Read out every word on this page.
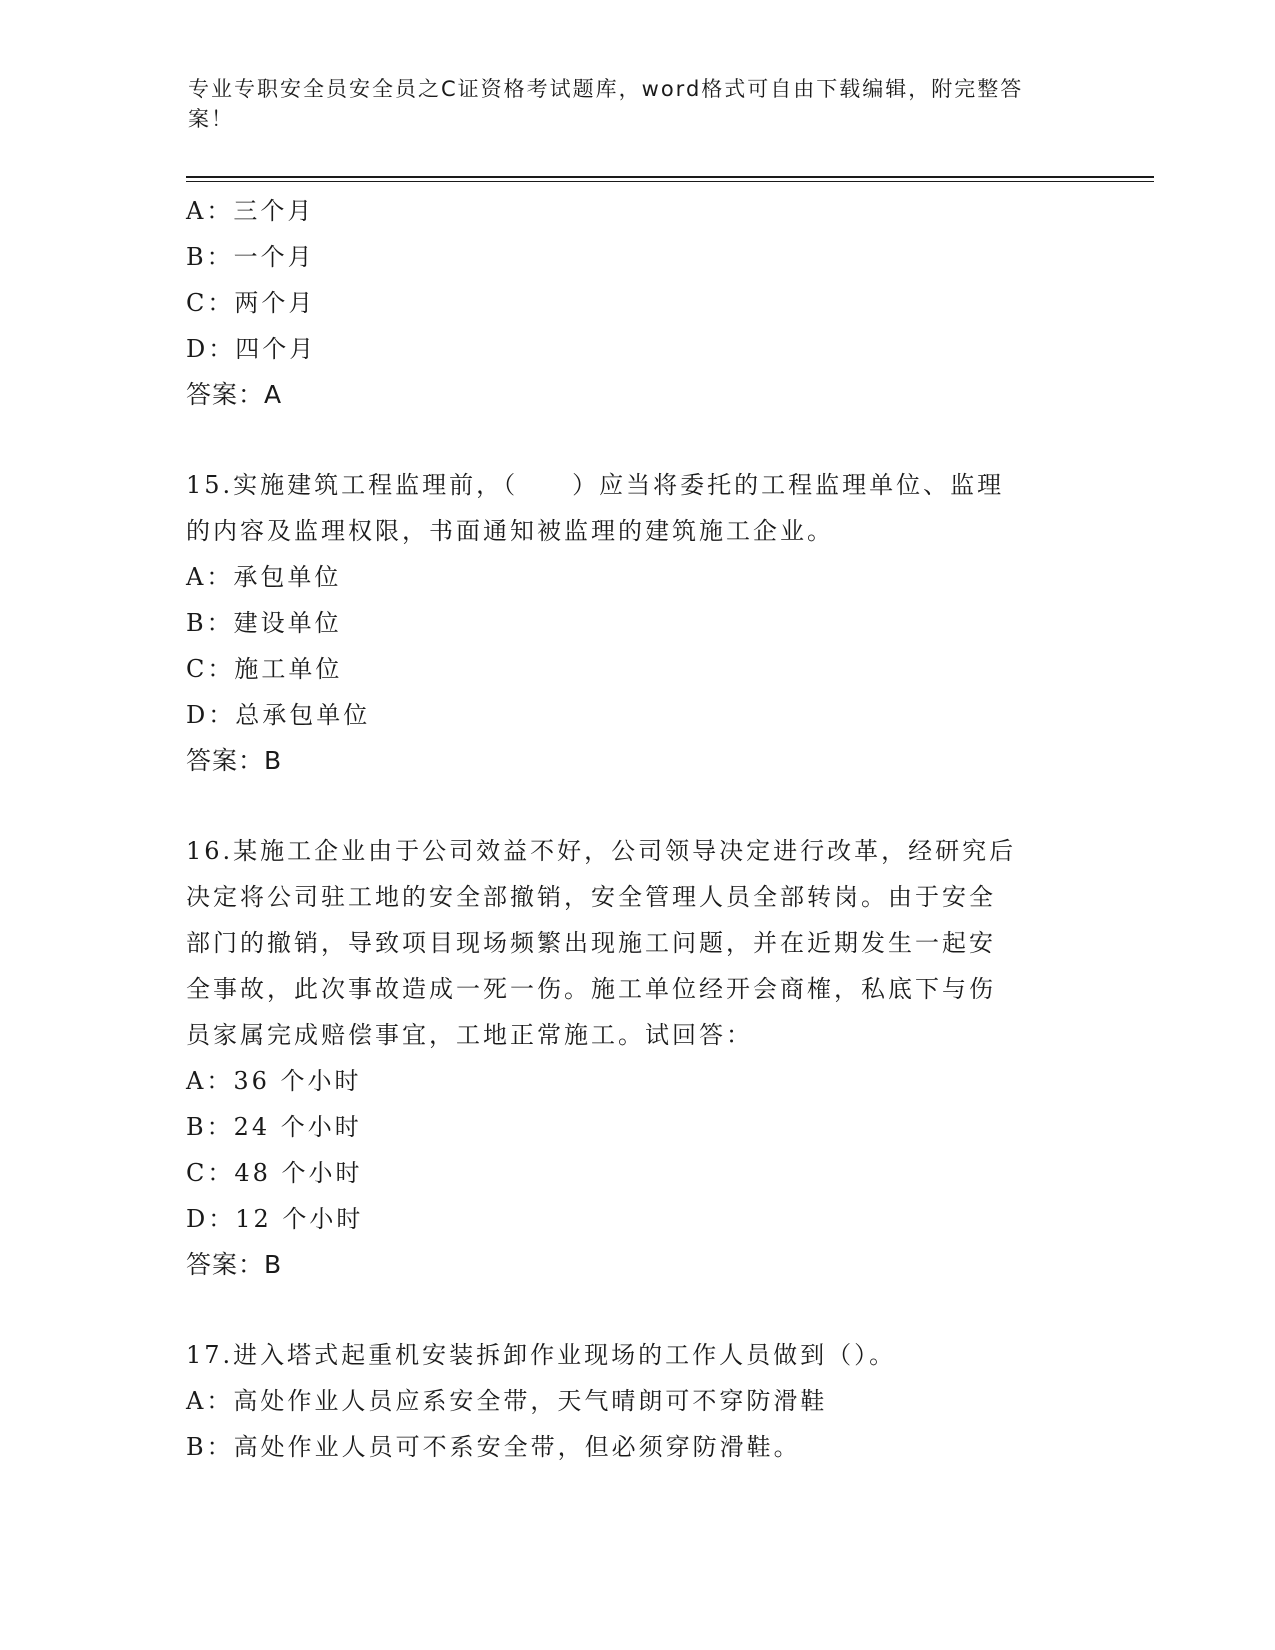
专业专职安全员安全员之C证资格考试题库，word格式可自由下载编辑，附完整答案！
A：三个月
B：一个月
C：两个月
D：四个月
答案：A
15.实施建筑工程监理前，（　　）应当将委托的工程监理单位、监理
的内容及监理权限，书面通知被监理的建筑施工企业。
A：承包单位
B：建设单位
C：施工单位
D：总承包单位
答案：B
16.某施工企业由于公司效益不好，公司领导决定进行改革，经研究后
决定将公司驻工地的安全部撤销，安全管理人员全部转岗。由于安全
部门的撤销，导致项目现场频繁出现施工问题，并在近期发生一起安
全事故，此次事故造成一死一伤。施工单位经开会商榷，私底下与伤
员家属完成赔偿事宜，工地正常施工。试回答：
A：36 个小时
B：24 个小时
C：48 个小时
D：12 个小时
答案：B
17.进入塔式起重机安装拆卸作业现场的工作人员做到（）。
A：高处作业人员应系安全带，天气晴朗可不穿防滑鞋
B：高处作业人员可不系安全带，但必须穿防滑鞋。
